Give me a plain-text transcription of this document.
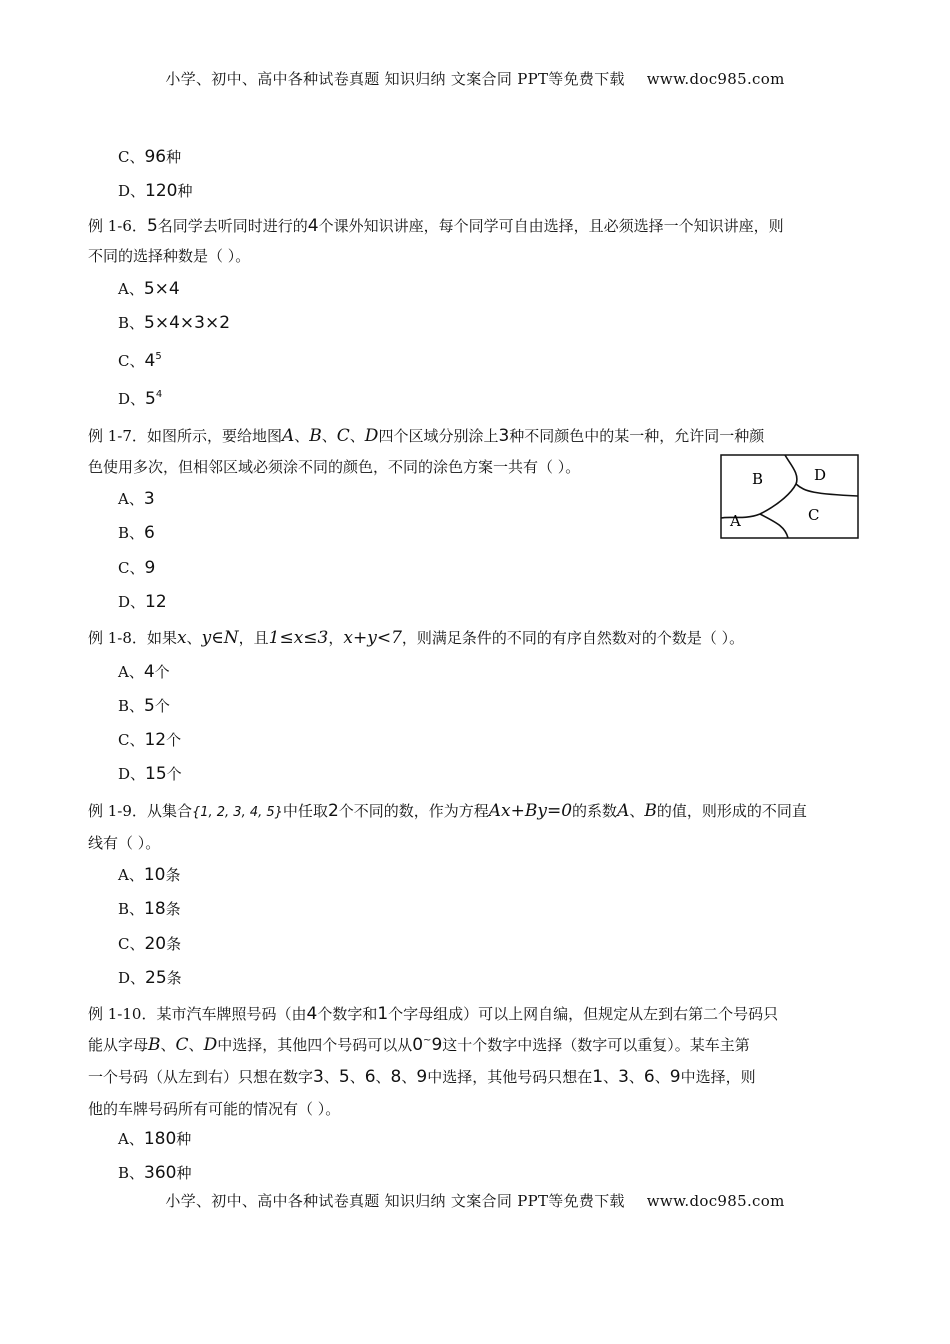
小学、初中、高中各种试卷真题 知识归纳 文案合同 PPT等免费下载 www.doc985.com
C、96种
D、120种
例 1-6．5名同学去听同时进行的4个课外知识讲座，每个同学可自由选择，且必须选择一个知识讲座，则
不同的选择种数是（ ）。
A、5×4
B、5×4×3×2
C、$4^5$
D、$5^4$
例 1-7．如图所示，要给地图A、B、C、D四个区域分别涂上3种不同颜色中的某一种，允许同一种颜
色使用多次，但相邻区域必须涂不同的颜色，不同的涂色方案一共有（ ）。
B	D
A	C
A、3
B、6
C、9
D、12
例 1-8．如果x、y∈N，且1≤x≤3，x+y<7，则满足条件的不同的有序自然数对的个数是（ ）。
A、4个
B、5个
C、12个
D、15个
例 1-9．从集合{1, 2, 3, 4, 5}中任取2个不同的数，作为方程Ax+By=0的系数A、B的值，则形成的不同直
线有（ ）。
A、10条
B、18条
C、20条
D、25条
例 1-10．某市汽车牌照号码（由4个数字和1个字母组成）可以上网自编，但规定从左到右第二个号码只
能从字母B、C、D中选择，其他四个号码可以从0~9这十个数字中选择（数字可以重复）。某车主第
一个号码（从左到右）只想在数字3、5、6、8、9中选择，其他号码只想在1、3、6、9中选择，则
他的车牌号码所有可能的情况有（ ）。
A、180种
B、360种
小学、初中、高中各种试卷真题 知识归纳 文案合同 PPT等免费下载 www.doc985.com
